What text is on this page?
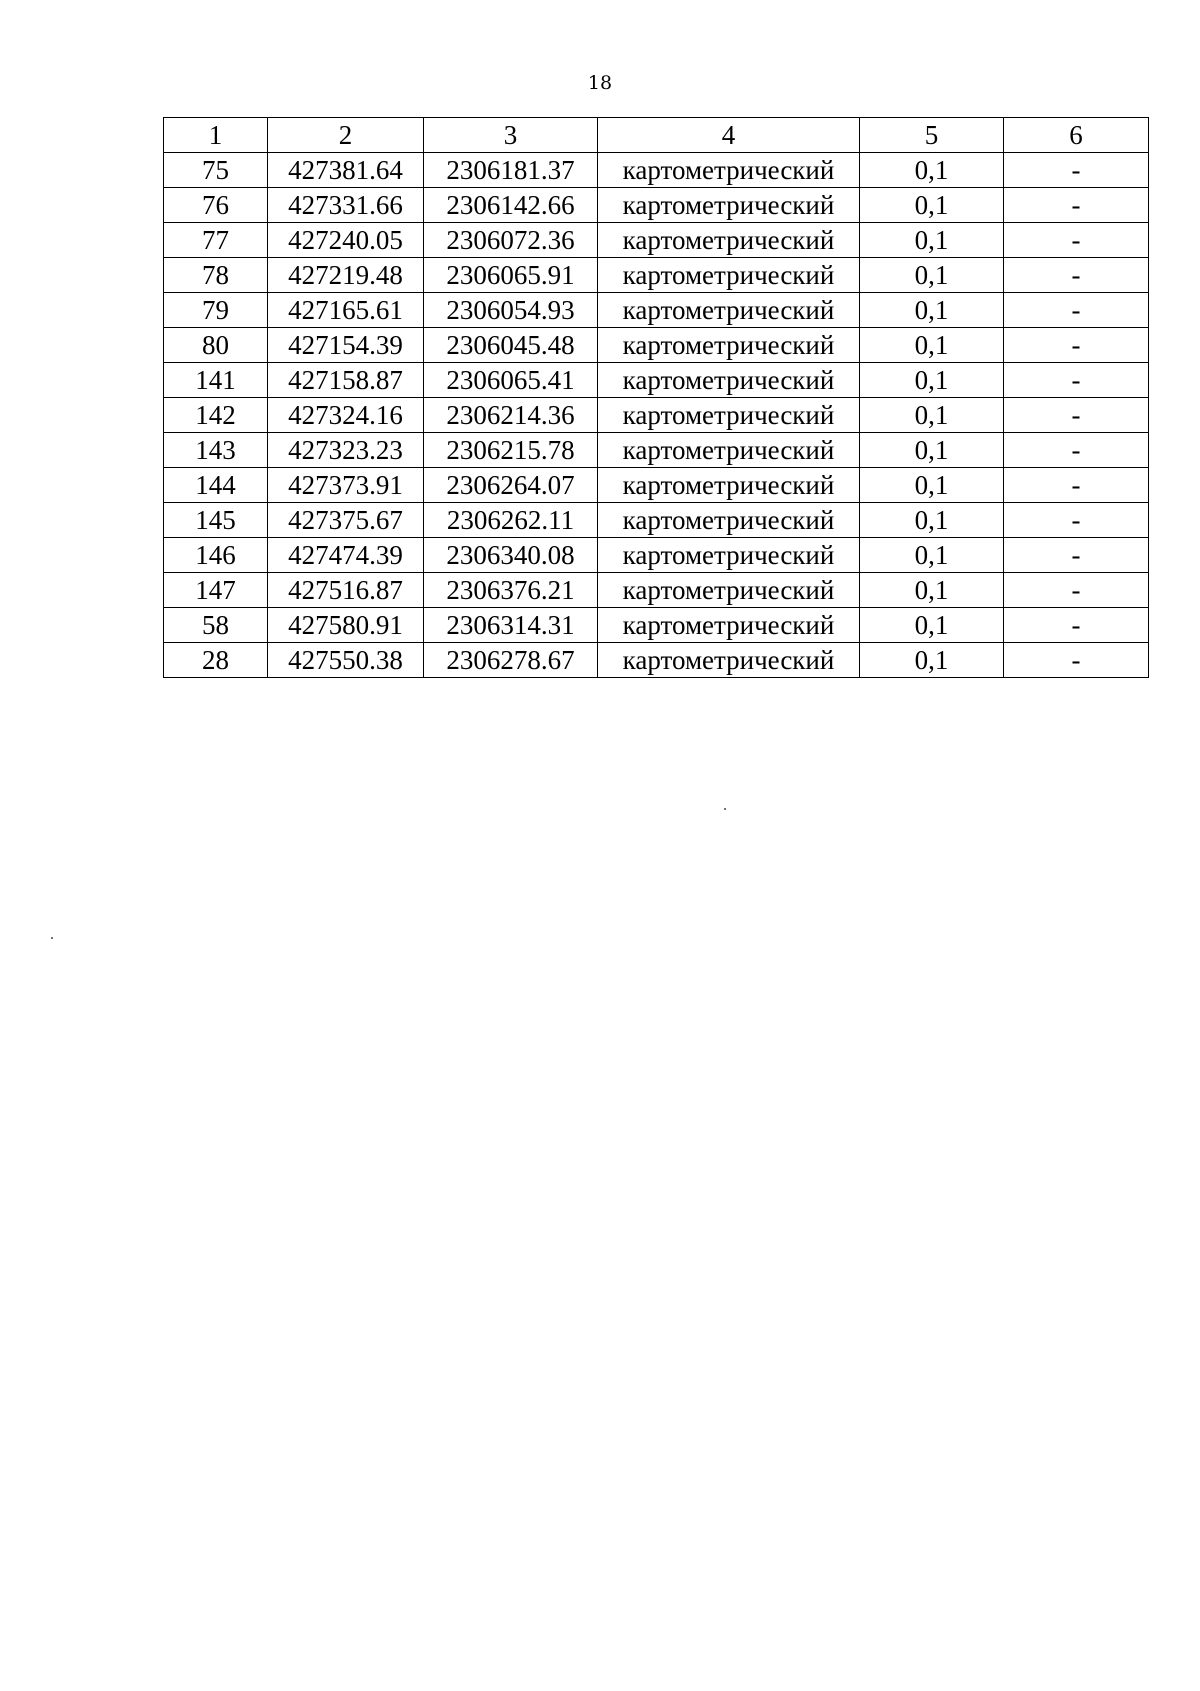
18
1	2	3	4	5	6
75	427381.64	2306181.37	картометрический	0,1	-
76	427331.66	2306142.66	картометрический	0,1	-
77	427240.05	2306072.36	картометрический	0,1	-
78	427219.48	2306065.91	картометрический	0,1	-
79	427165.61	2306054.93	картометрический	0,1	-
80	427154.39	2306045.48	картометрический	0,1	-
141	427158.87	2306065.41	картометрический	0,1	-
142	427324.16	2306214.36	картометрический	0,1	-
143	427323.23	2306215.78	картометрический	0,1	-
144	427373.91	2306264.07	картометрический	0,1	-
145	427375.67	2306262.11	картометрический	0,1	-
146	427474.39	2306340.08	картометрический	0,1	-
147	427516.87	2306376.21	картометрический	0,1	-
58	427580.91	2306314.31	картометрический	0,1	-
28	427550.38	2306278.67	картометрический	0,1	-
